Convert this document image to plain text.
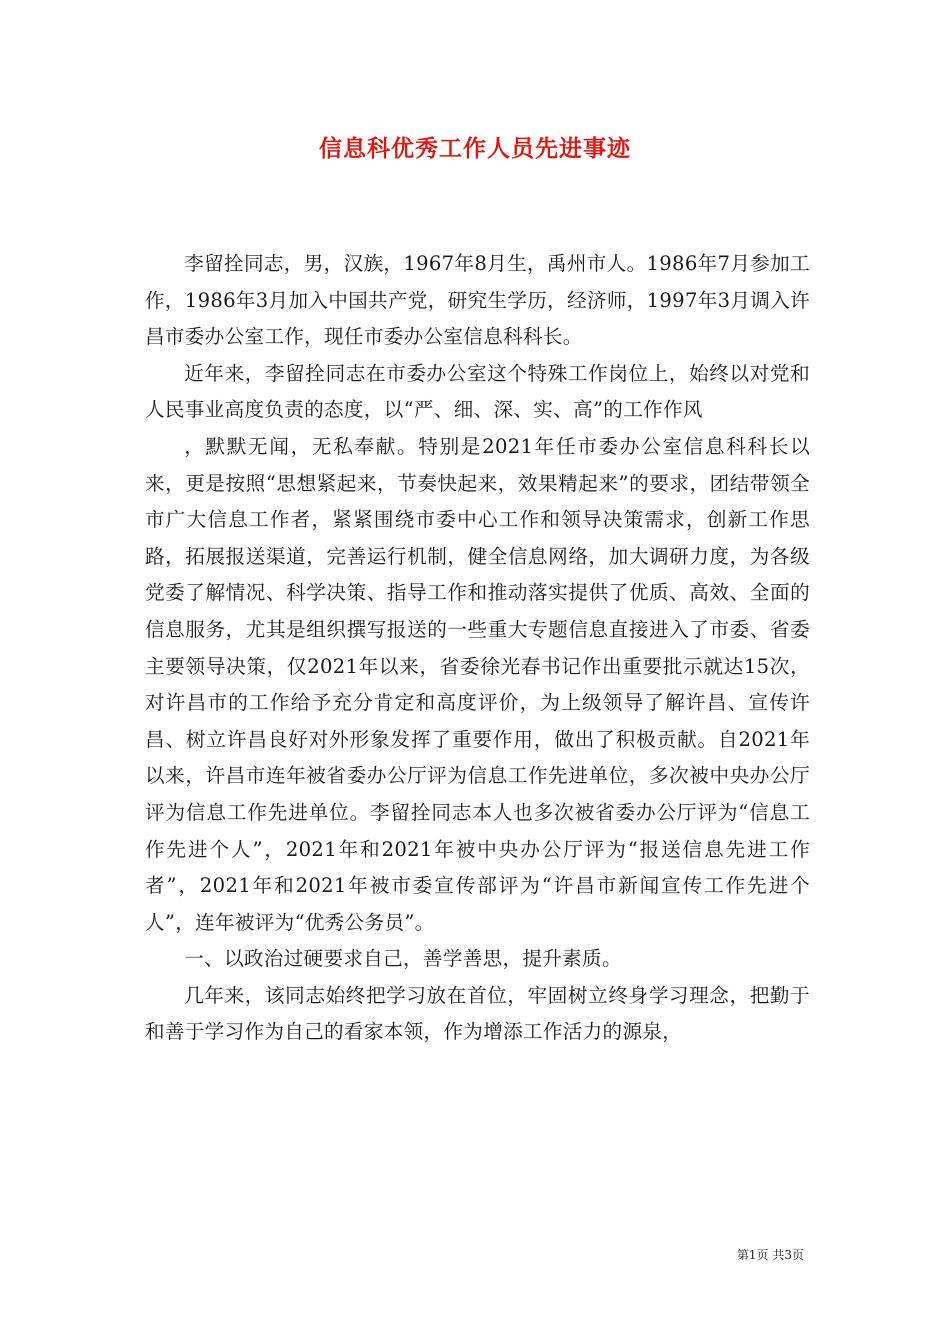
信息科优秀工作人员先进事迹

李留拴同志，男，汉族，1967年8月生，禹州市人。1986年7月参加工作，1986年3月加入中国共产党，研究生学历，经济师，1997年3月调入许昌市委办公室工作，现任市委办公室信息科科长。

近年来，李留拴同志在市委办公室这个特殊工作岗位上，始终以对党和人民事业高度负责的态度，以“严、细、深、实、高”的工作作风

，默默无闻，无私奉献。特别是2021年任市委办公室信息科科长以来，更是按照“思想紧起来，节奏快起来，效果精起来”的要求，团结带领全市广大信息工作者，紧紧围绕市委中心工作和领导决策需求，创新工作思路，拓展报送渠道，完善运行机制，健全信息网络，加大调研力度，为各级党委了解情况、科学决策、指导工作和推动落实提供了优质、高效、全面的信息服务，尤其是组织撰写报送的一些重大专题信息直接进入了市委、省委主要领导决策，仅2021年以来，省委徐光春书记作出重要批示就达15次，对许昌市的工作给予充分肯定和高度评价，为上级领导了解许昌、宣传许昌、树立许昌良好对外形象发挥了重要作用，做出了积极贡献。自2021年以来，许昌市连年被省委办公厅评为信息工作先进单位，多次被中央办公厅评为信息工作先进单位。李留拴同志本人也多次被省委办公厅评为“信息工作先进个人”，2021年和2021年被中央办公厅评为“报送信息先进工作者”，2021年和2021年被市委宣传部评为“许昌市新闻宣传工作先进个人”，连年被评为“优秀公务员”。

一、以政治过硬要求自己，善学善思，提升素质。

几年来，该同志始终把学习放在首位，牢固树立终身学习理念，把勤于和善于学习作为自己的看家本领，作为增添工作活力的源泉，

第1页 共3页
